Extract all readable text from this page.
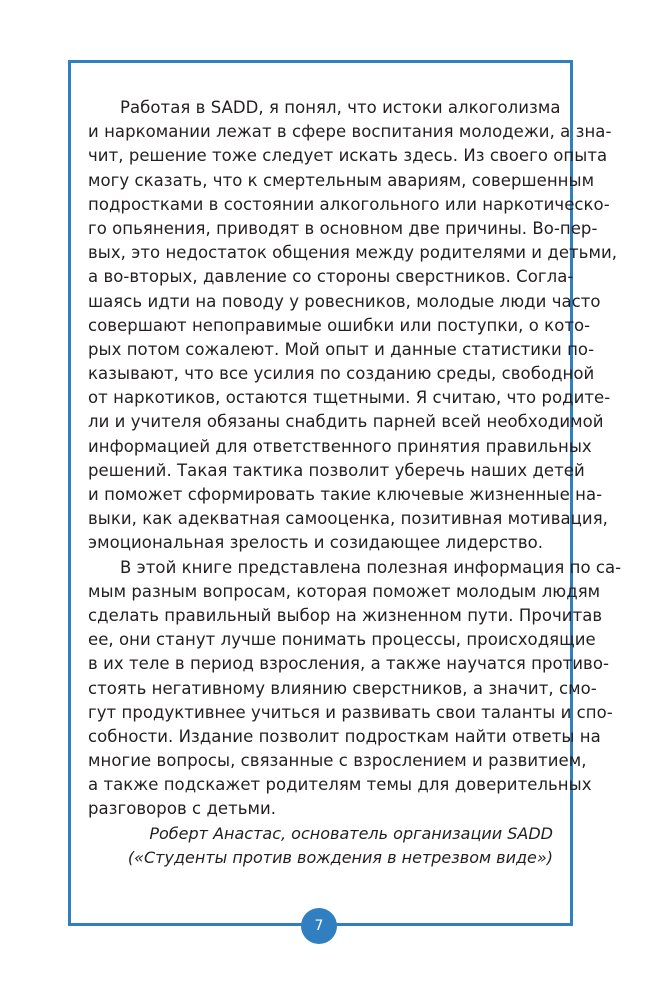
Работая в SADD, я понял, что истоки алкоголизма
и наркомании лежат в сфере воспитания молодежи, а зна-
чит, решение тоже следует искать здесь. Из своего опыта
могу сказать, что к смертельным авариям, совершенным
подростками в состоянии алкогольного или наркотическо-
го опьянения, приводят в основном две причины. Во-пер-
вых, это недостаток общения между родителями и детьми,
а во-вторых, давление со стороны сверстников. Согла-
шаясь идти на поводу у ровесников, молодые люди часто
совершают непоправимые ошибки или поступки, о кото-
рых потом сожалеют. Мой опыт и данные статистики по-
казывают, что все усилия по созданию среды, свободной
от наркотиков, остаются тщетными. Я считаю, что родите-
ли и учителя обязаны снабдить парней всей необходимой
информацией для ответственного принятия правильных
решений. Такая тактика позволит уберечь наших детей
и поможет сформировать такие ключевые жизненные на-
выки, как адекватная самооценка, позитивная мотивация,
эмоциональная зрелость и созидающее лидерство.
В этой книге представлена полезная информация по са-
мым разным вопросам, которая поможет молодым людям
сделать правильный выбор на жизненном пути. Прочитав
ее, они станут лучше понимать процессы, происходящие
в их теле в период взросления, а также научатся противо-
стоять негативному влиянию сверстников, а значит, смо-
гут продуктивнее учиться и развивать свои таланты и спо-
собности. Издание позволит подросткам найти ответы на
многие вопросы, связанные с взрослением и развитием,
а также подскажет родителям темы для доверительных
разговоров с детьми.
Роберт Анастас, основатель организации SADD
(«Студенты против вождения в нетрезвом виде»)
7
